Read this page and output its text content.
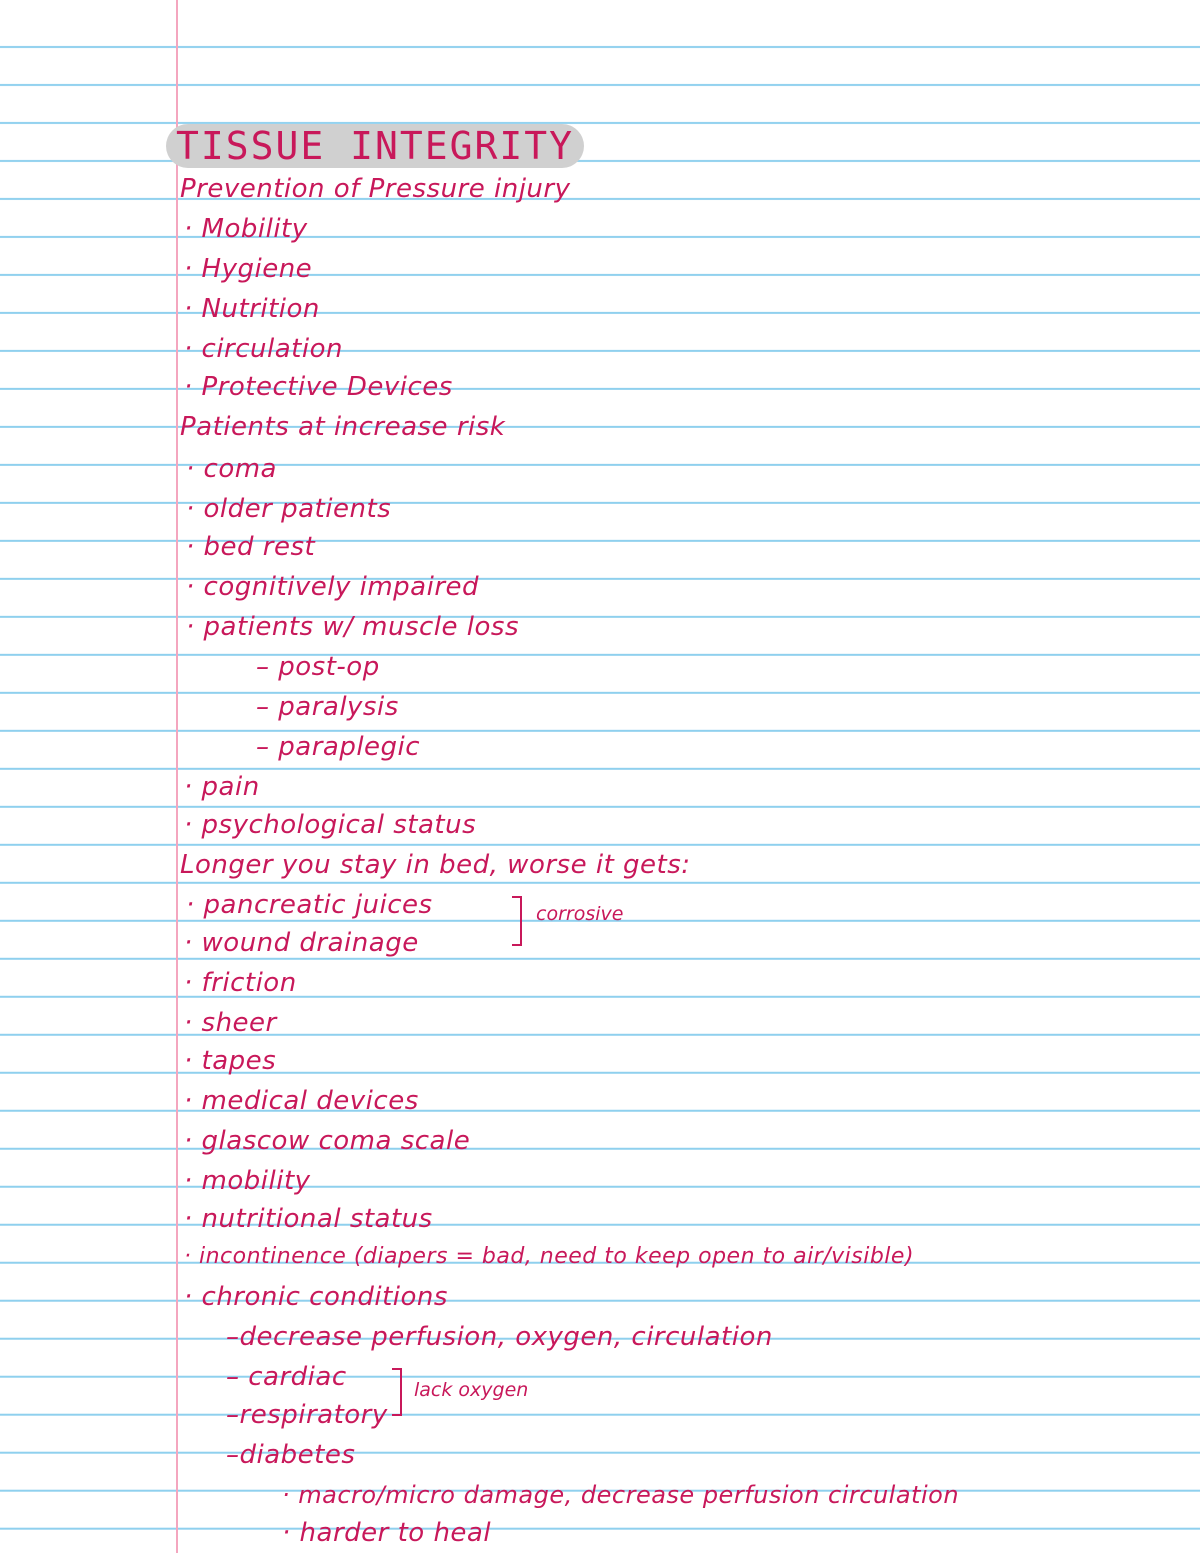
TISSUE INTEGRITY
Prevention of Pressure injury
· Mobility
· Hygiene
· Nutrition
· circulation
· Protective Devices
Patients at increase risk
· coma
· older patients
· bed rest
· cognitively impaired
· patients w/ muscle loss
– post-op
– paralysis
– paraplegic
· pain
· psychological status
Longer you stay in bed, worse it gets:
· pancreatic juices
· wound drainage
corrosive
· friction
· sheer
· tapes
· medical devices
· glascow coma scale
· mobility
· nutritional status
· incontinence (diapers = bad, need to keep open to air/visible)
· chronic conditions
–decrease perfusion, oxygen, circulation
– cardiac
–respiratory
lack oxygen
–diabetes
· macro/micro damage, decrease perfusion circulation
· harder to heal
